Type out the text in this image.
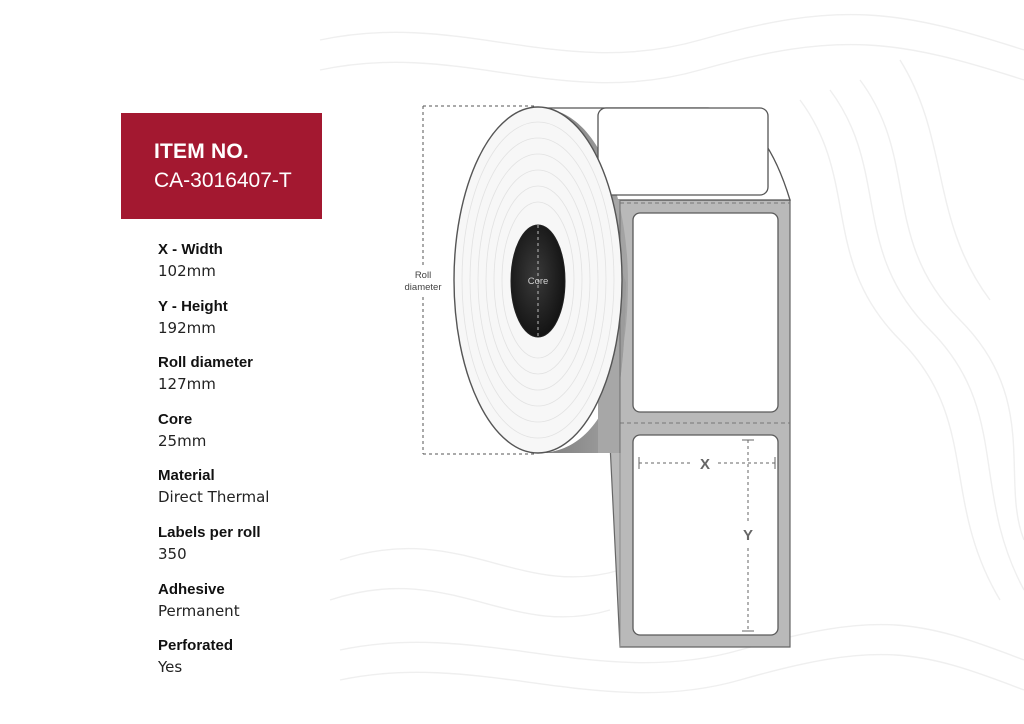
ITEM NO.
CA-3016407-T
X - Width
102mm
Y - Height
192mm
Roll diameter
127mm
Core
25mm
Material
Direct Thermal
Labels per roll
350
Adhesive
Permanent
Perforated
Yes
Core
Roll
diameter
X
Y
